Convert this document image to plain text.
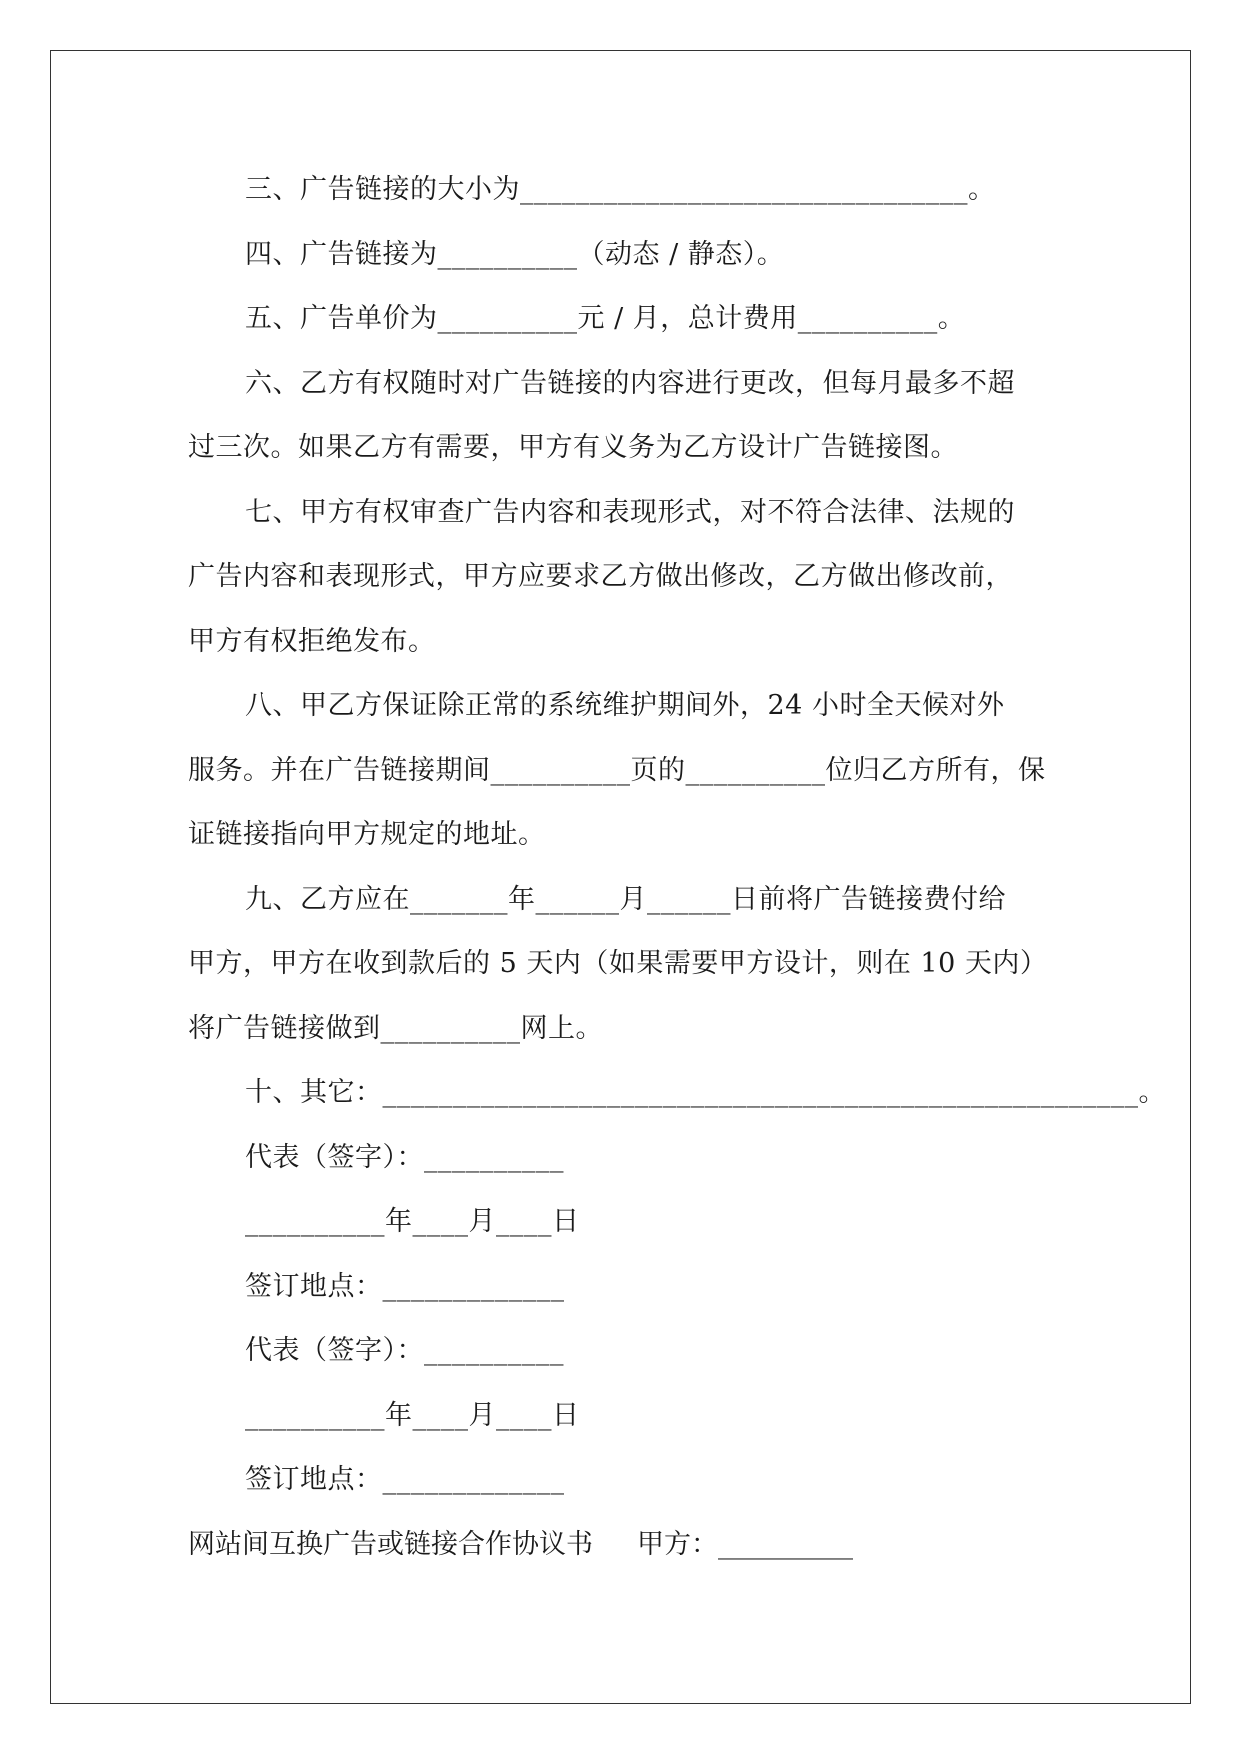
三、广告链接的大小为________________________________。
四、广告链接为__________（动态 / 静态）。
五、广告单价为__________元 / 月，总计费用__________。
六、乙方有权随时对广告链接的内容进行更改，但每月最多不超
过三次。如果乙方有需要，甲方有义务为乙方设计广告链接图。
七、甲方有权审查广告内容和表现形式，对不符合法律、法规的
广告内容和表现形式，甲方应要求乙方做出修改，乙方做出修改前，
甲方有权拒绝发布。
八、甲乙方保证除正常的系统维护期间外，24 小时全天候对外
服务。并在广告链接期间__________页的__________位归乙方所有，保
证链接指向甲方规定的地址。
九、乙方应在_______年______月______日前将广告链接费付给
甲方，甲方在收到款后的 5 天内（如果需要甲方设计，则在 10 天内）
将广告链接做到__________网上。
十、其它：______________________________________________________。
代表（签字）：__________
__________年____月____日
签订地点：_____________
代表（签字）：__________
__________年____月____日
签订地点：_____________
网站间互换广告或链接合作协议书 甲方：__________
